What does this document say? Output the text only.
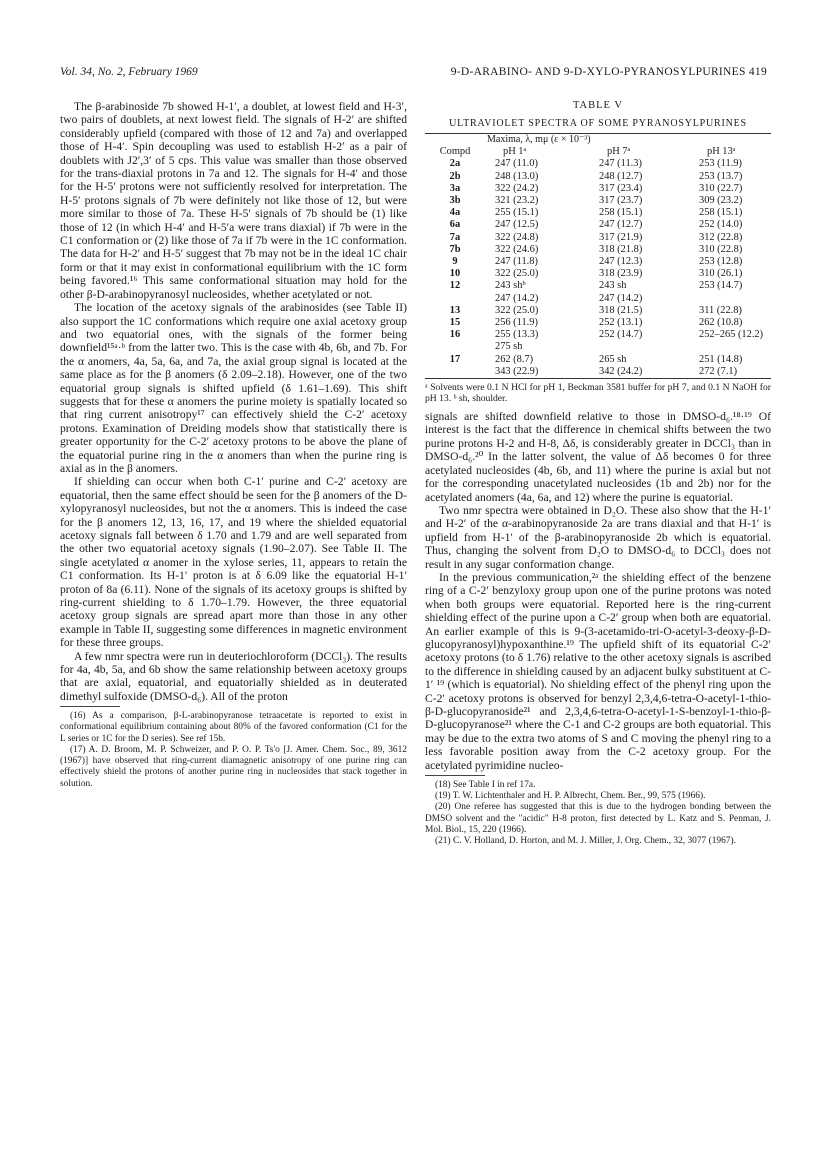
Vol. 34, No. 2, February 1969	9-D-ARABINO- AND 9-D-XYLO-PYRANOSYLPURINES 419

The β-arabinoside 7b showed H-1′, a doublet, at lowest field and H-3′, two pairs of doublets, at next lowest field. The signals of H-2′ are shifted considerably upfield (compared with those of 12 and 7a) and overlapped those of H-4′. Spin decoupling was used to establish H-2′ as a pair of doublets with J2′,3′ of 5 cps. This value was smaller than those observed for the trans-diaxial protons in 7a and 12. The signals for H-4′ and those for the H-5′ protons were not sufficiently resolved for interpretation. The H-5′ protons signals of 7b were definitely not like those of 12, but were more similar to those of 7a. These H-5′ signals of 7b should be (1) like those of 12 (in which H-4′ and H-5′a were trans diaxial) if 7b were in the C1 conformation or (2) like those of 7a if 7b were in the 1C conformation. The data for H-2′ and H-5′ suggest that 7b may not be in the ideal 1C chair form or that it may exist in conformational equilibrium with the 1C form being favored.¹⁶ This same conformational situation may hold for the other β-D-arabinopyranosyl nucleosides, whether acetylated or not.

The location of the acetoxy signals of the arabinosides (see Table II) also support the 1C conformations which require one axial acetoxy group and two equatorial ones, with the signals of the former being downfield¹⁵ᵃ·ᵇ from the latter two. This is the case with 4b, 6b, and 7b. For the α anomers, 4a, 5a, 6a, and 7a, the axial group signal is located at the same place as for the β anomers (δ 2.09–2.18). However, one of the two equatorial group signals is shifted upfield (δ 1.61–1.69). This shift suggests that for these α anomers the purine moiety is spatially located so that ring current anisotropy¹⁷ can effectively shield the C-2′ acetoxy protons. Examination of Dreiding models show that statistically there is greater opportunity for the C-2′ acetoxy protons to be above the plane of the equatorial purine ring in the α anomers than when the purine ring is axial as in the β anomers.

If shielding can occur when both C-1′ purine and C-2′ acetoxy are equatorial, then the same effect should be seen for the β anomers of the D-xylopyranosyl nucleosides, but not the α anomers. This is indeed the case for the β anomers 12, 13, 16, 17, and 19 where the shielded equatorial acetoxy signals fall between δ 1.70 and 1.79 and are well separated from the other two equatorial acetoxy signals (1.90–2.07). See Table II. The single acetylated α anomer in the xylose series, 11, appears to retain the C1 conformation. Its H-1′ proton is at δ 6.09 like the equatorial H-1′ proton of 8a (6.11). None of the signals of its acetoxy groups is shifted by ring-current shielding to δ 1.70–1.79. However, the three equatorial acetoxy group signals are spread apart more than those in any other example in Table II, suggesting some differences in magnetic environment for these three groups.

A few nmr spectra were run in deuteriochloroform (DCCl₃). The results for 4a, 4b, 5a, and 6b show the same relationship between acetoxy groups that are axial, equatorial, and equatorially shielded as in deuterated dimethyl sulfoxide (DMSO-d₆). All of the proton

(16) As a comparison, β-L-arabinopyranose tetraacetate is reported to exist in conformational equilibrium containing about 80% of the favored conformation (C1 for the L series or 1C for the D series). See ref 15b.
(17) A. D. Broom, M. P. Schweizer, and P. O. P. Ts'o [J. Amer. Chem. Soc., 89, 3612 (1967)] have observed that ring-current diamagnetic anisotropy of one purine ring can effectively shield the protons of another purine ring in nucleosides that stack together in solution.
TABLE V
ULTRAVIOLET SPECTRA OF SOME PYRANOSYLPURINES
	Maxima, λ, mμ (ε × 10⁻³)		
Compd	pH 1ᵃ	pH 7ᵃ	pH 13ᵃ
2a	247 (11.0)	247 (11.3)	253 (11.9)
2b	248 (13.0)	248 (12.7)	253 (13.7)
3a	322 (24.2)	317 (23.4)	310 (22.7)
3b	321 (23.2)	317 (23.7)	309 (23.2)
4a	255 (15.1)	258 (15.1)	258 (15.1)
6a	247 (12.5)	247 (12.7)	252 (14.0)
7a	322 (24.8)	317 (21.9)	312 (22.8)
7b	322 (24.6)	318 (21.8)	310 (22.8)
9	247 (11.8)	247 (12.3)	253 (12.8)
10	322 (25.0)	318 (23.9)	310 (26.1)
12	243 shᵇ	243 sh	253 (14.7)
	247 (14.2)	247 (14.2)	
13	322 (25.0)	318 (21.5)	311 (22.8)
15	256 (11.9)	252 (13.1)	262 (10.8)
16	255 (13.3)	252 (14.7)	252–265 (12.2)
	275 sh		
17	262 (8.7)	265 sh	251 (14.8)
	343 (22.9)	342 (24.2)	272 (7.1)
ᵃ Solvents were 0.1 N HCl for pH 1, Beckman 3581 buffer for pH 7, and 0.1 N NaOH for pH 13. ᵇ sh, shoulder.

signals are shifted downfield relative to those in DMSO-d₆.¹⁸·¹⁹ Of interest is the fact that the difference in chemical shifts between the two purine protons H-2 and H-8, Δδ, is considerably greater in DCCl₃ than in DMSO-d₆.²⁰ In the latter solvent, the value of Δδ becomes 0 for three acetylated nucleosides (4b, 6b, and 11) where the purine is axial but not for the corresponding unacetylated nucleosides (1b and 2b) nor for the acetylated anomers (4a, 6a, and 12) where the purine is equatorial.

Two nmr spectra were obtained in D₂O. These also show that the H-1′ and H-2′ of the α-arabinopyranoside 2a are trans diaxial and that H-1′ is upfield from H-1′ of the β-arabinopyranoside 2b which is equatorial. Thus, changing the solvent from D₂O to DMSO-d₆ to DCCl₃ does not result in any sugar conformation change.

In the previous communication,²ᵃ the shielding effect of the benzene ring of a C-2′ benzyloxy group upon one of the purine protons was noted when both groups were equatorial. Reported here is the ring-current shielding effect of the purine upon a C-2′ group when both are equatorial. An earlier example of this is 9-(3-acetamido-tri-O-acetyl-3-deoxy-β-D-glucopyranosyl)hypoxanthine.¹⁹ The upfield shift of its equatorial C-2′ acetoxy protons (to δ 1.76) relative to the other acetoxy signals is ascribed to the difference in shielding caused by an adjacent bulky substituent at C-1′ ¹⁹ (which is equatorial). No shielding effect of the phenyl ring upon the C-2′ acetoxy protons is observed for benzyl 2,3,4,6-tetra-O-acetyl-1-thio-β-D-glucopyranoside²¹ and 2,3,4,6-tetra-O-acetyl-1-S-benzoyl-1-thio-β-D-glucopyranose²¹ where the C-1 and C-2 groups are both equatorial. This may be due to the extra two atoms of S and C moving the phenyl ring to a less favorable position away from the C-2 acetoxy group. For the acetylated pyrimidine nucleo-

(18) See Table I in ref 17a.
(19) T. W. Lichtenthaler and H. P. Albrecht, Chem. Ber., 99, 575 (1966).
(20) One referee has suggested that this is due to the hydrogen bonding between the DMSO solvent and the "acidic" H-8 proton, first detected by L. Katz and S. Penman, J. Mol. Biol., 15, 220 (1966).
(21) C. V. Holland, D. Horton, and M. J. Miller, J. Org. Chem., 32, 3077 (1967).
